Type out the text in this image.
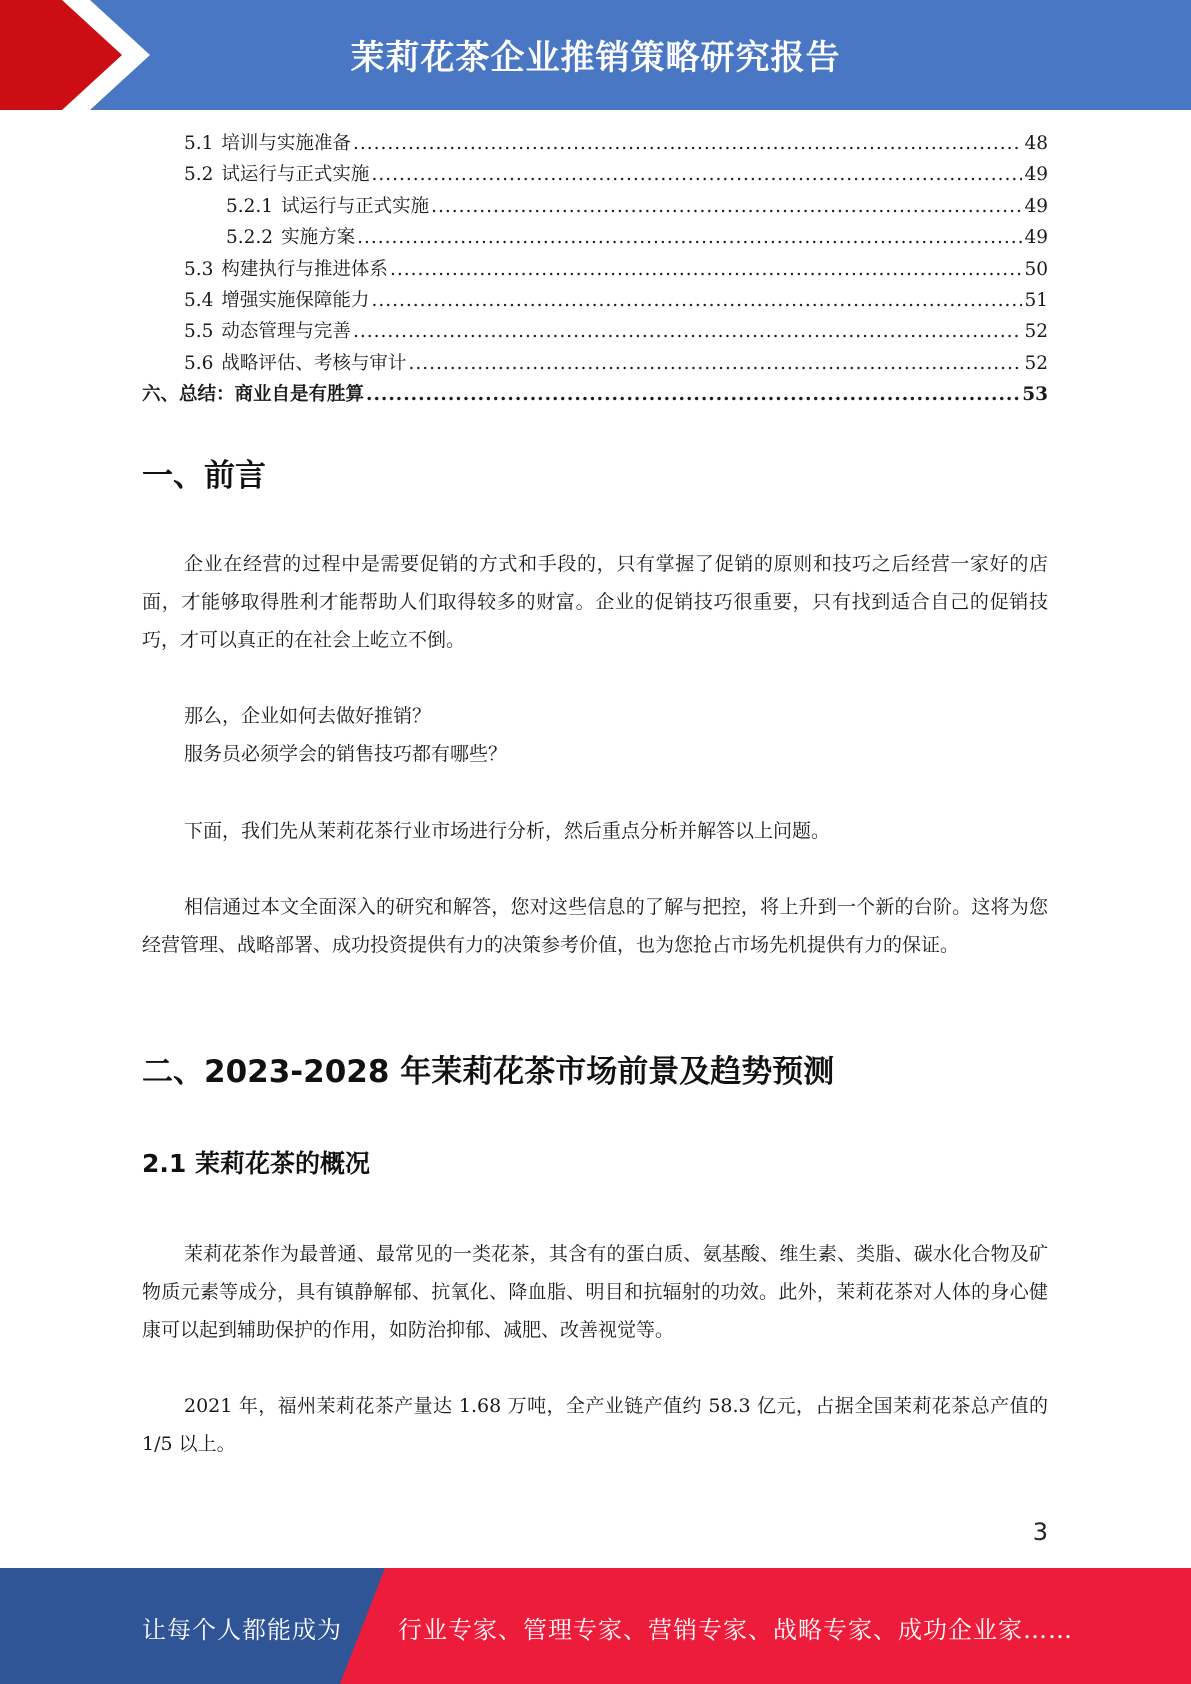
茉莉花茶企业推销策略研究报告
5.1 培训与实施准备 .....	48
5.2 试运行与正式实施 .....	49
5.2.1 试运行与正式实施 .....	49
5.2.2 实施方案 .....	49
5.3 构建执行与推进体系 .....	50
5.4 增强实施保障能力 .....	51
5.5 动态管理与完善 .....	52
5.6 战略评估、考核与审计 .....	52
六、总结：商业自是有胜算 .....	53
一、前言

企业在经营的过程中是需要促销的方式和手段的，只有掌握了促销的原则和技巧之后经营一家好的店面，才能够取得胜利才能帮助人们取得较多的财富。企业的促销技巧很重要，只有找到适合自己的促销技巧，才可以真正的在社会上屹立不倒。

那么，企业如何去做好推销？
服务员必须学会的销售技巧都有哪些？

下面，我们先从茉莉花茶行业市场进行分析，然后重点分析并解答以上问题。

相信通过本文全面深入的研究和解答，您对这些信息的了解与把控，将上升到一个新的台阶。这将为您经营管理、战略部署、成功投资提供有力的决策参考价值，也为您抢占市场先机提供有力的保证。

二、2023-2028 年茉莉花茶市场前景及趋势预测
2.1 茉莉花茶的概况

茉莉花茶作为最普通、最常见的一类花茶，其含有的蛋白质、氨基酸、维生素、类脂、碳水化合物及矿物质元素等成分，具有镇静解郁、抗氧化、降血脂、明目和抗辐射的功效。此外，茉莉花茶对人体的身心健康可以起到辅助保护的作用，如防治抑郁、减肥、改善视觉等。

2021 年，福州茉莉花茶产量达 1.68 万吨，全产业链产值约 58.3 亿元，占据全国茉莉花茶总产值的 1/5 以上。

3
让每个人都能成为 行业专家、管理专家、营销专家、战略专家、成功企业家……
